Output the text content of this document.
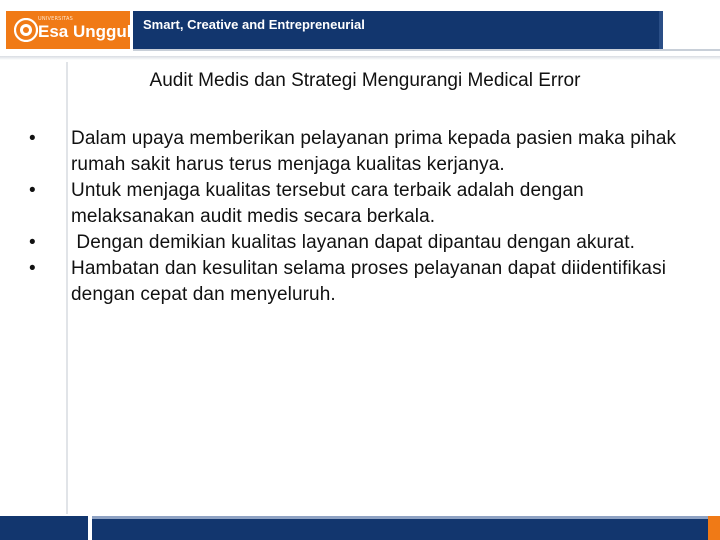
UNIVERSITAS
Esa Unggul Smart, Creative and Entrepreneurial
Audit Medis dan Strategi Mengurangi Medical Error
• Dalam upaya memberikan pelayanan prima kepada pasien maka pihak rumah sakit harus terus menjaga kualitas kerjanya.
• Untuk menjaga kualitas tersebut cara terbaik adalah dengan melaksanakan audit medis secara berkala.
• Dengan demikian kualitas layanan dapat dipantau dengan akurat.
• Hambatan dan kesulitan selama proses pelayanan dapat diidentifikasi dengan cepat dan menyeluruh.
